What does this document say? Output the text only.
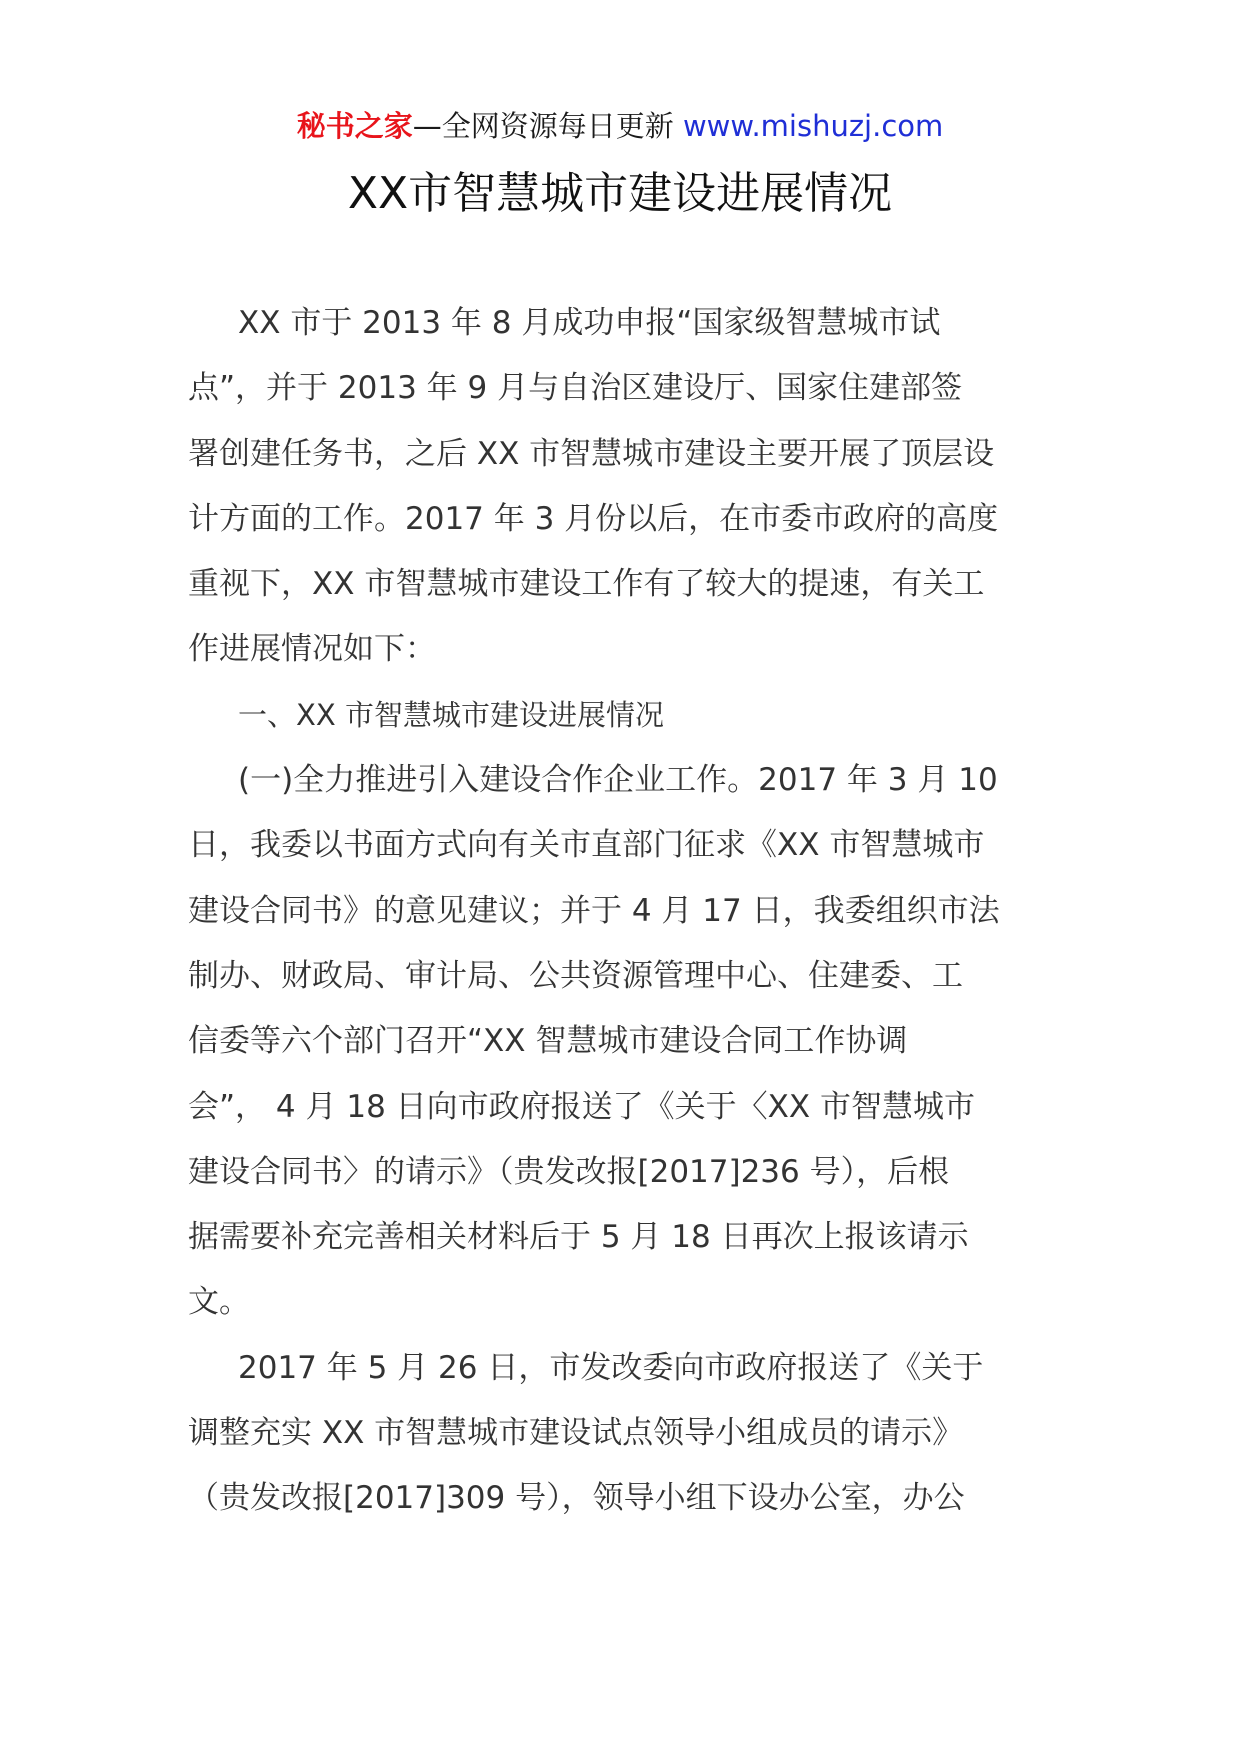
秘书之家—全网资源每日更新 www.mishuzj.com
XX市智慧城市建设进展情况

XX 市于 2013 年 8 月成功申报“国家级智慧城市试
点”，并于 2013 年 9 月与自治区建设厅、国家住建部签
署创建任务书，之后 XX 市智慧城市建设主要开展了顶层设
计方面的工作。2017 年 3 月份以后，在市委市政府的高度
重视下，XX 市智慧城市建设工作有了较大的提速，有关工
作进展情况如下：

一、XX 市智慧城市建设进展情况

(一)全力推进引入建设合作企业工作。2017 年 3 月 10
日，我委以书面方式向有关市直部门征求《XX 市智慧城市
建设合同书》的意见建议；并于 4 月 17 日，我委组织市法
制办、财政局、审计局、公共资源管理中心、住建委、工
信委等六个部门召开“XX 智慧城市建设合同工作协调
会”， 4 月 18 日向市政府报送了《关于〈XX 市智慧城市
建设合同书〉的请示》（贵发改报[2017]236 号），后根
据需要补充完善相关材料后于 5 月 18 日再次上报该请示
文。

2017 年 5 月 26 日，市发改委向市政府报送了《关于
调整充实 XX 市智慧城市建设试点领导小组成员的请示》
（贵发改报[2017]309 号），领导小组下设办公室，办公
